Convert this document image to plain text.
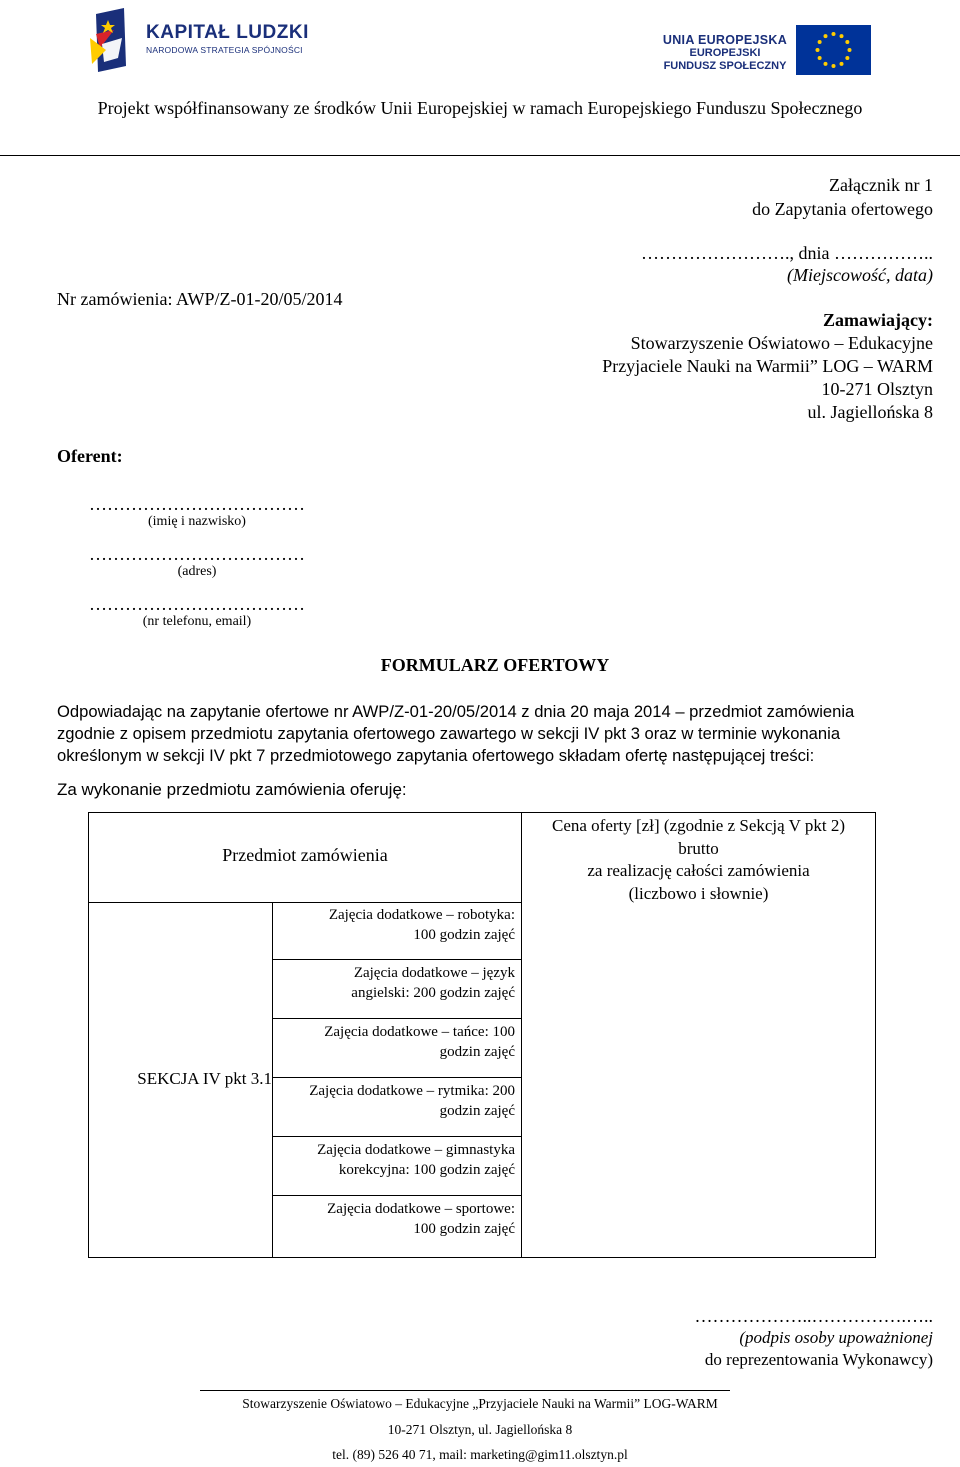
KAPITAŁ LUDZKI
NARODOWA STRATEGIA SPÓJNOŚCI
UNIA EUROPEJSKA
EUROPEJSKI
FUNDUSZ SPOŁECZNY
Projekt współfinansowany ze środków Unii Europejskiej w ramach Europejskiego Funduszu Społecznego
Załącznik nr 1
do Zapytania ofertowego
……………………., dnia ……………..
(Miejscowość, data)
Nr zamówienia: AWP/Z-01-20/05/2014
Zamawiający:
Stowarzyszenie Oświatowo – Edukacyjne
Przyjaciele Nauki na Warmii” LOG – WARM
10-271 Olsztyn
ul. Jagiellońska 8
Oferent:
………………………………
(imię i nazwisko)
………………………………
(adres)
………………………………
(nr telefonu, email)
FORMULARZ OFERTOWY
Odpowiadając na zapytanie ofertowe nr AWP/Z-01-20/05/2014 z dnia 20 maja 2014 – przedmiot zamówienia
zgodnie z opisem przedmiotu zapytania ofertowego zawartego w sekcji IV pkt 3 oraz w terminie wykonania
określonym w sekcji IV pkt 7 przedmiotowego zapytania ofertowego składam ofertę następującej treści:
Za wykonanie przedmiotu zamówienia oferuję:
Przedmiot zamówienia
Cena oferty [zł] (zgodnie z Sekcją V pkt 2)
brutto
za realizację całości zamówienia
(liczbowo i słownie)
SEKCJA IV pkt 3.1
Zajęcia dodatkowe – robotyka:
100 godzin zajęć
Zajęcia dodatkowe – język
angielski: 200 godzin zajęć
Zajęcia dodatkowe – tańce: 100
godzin zajęć
Zajęcia dodatkowe – rytmika: 200
godzin zajęć
Zajęcia dodatkowe – gimnastyka
korekcyjna: 100 godzin zajęć
Zajęcia dodatkowe – sportowe:
100 godzin zajęć
………………..…………….…..
(podpis osoby upoważnionej
do reprezentowania Wykonawcy)
Stowarzyszenie Oświatowo – Edukacyjne „Przyjaciele Nauki na Warmii” LOG-WARM
10-271 Olsztyn, ul. Jagiellońska 8
tel. (89) 526 40 71, mail: marketing@gim11.olsztyn.pl
